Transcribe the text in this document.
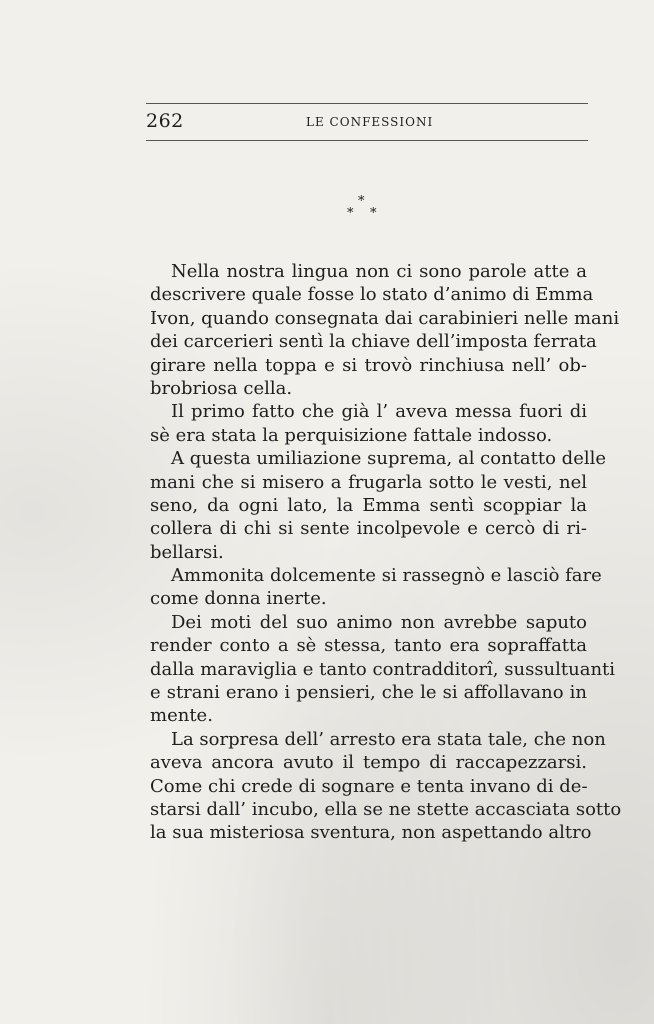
262	LE CONFESSIONI
*
* *
Nella nostra lingua non ci sono parole atte a
descrivere quale fosse lo stato d’animo di Emma
Ivon, quando consegnata dai carabinieri nelle mani
dei carcerieri sentì la chiave dell’imposta ferrata
girare nella toppa e si trovò rinchiusa nell’ ob-
brobriosa cella.
Il primo fatto che già l’ aveva messa fuori di
sè era stata la perquisizione fattale indosso.
A questa umiliazione suprema, al contatto delle
mani che si misero a frugarla sotto le vesti, nel
seno, da ogni lato, la Emma sentì scoppiar la
collera di chi si sente incolpevole e cercò di ri-
bellarsi.
Ammonita dolcemente si rassegnò e lasciò fare
come donna inerte.
Dei moti del suo animo non avrebbe saputo
render conto a sè stessa, tanto era sopraffatta
dalla maraviglia e tanto contradditorî, sussultuanti
e strani erano i pensieri, che le si affollavano in
mente.
La sorpresa dell’ arresto era stata tale, che non
aveva ancora avuto il tempo di raccapezzarsi.
Come chi crede di sognare e tenta invano di de-
starsi dall’ incubo, ella se ne stette accasciata sotto
la sua misteriosa sventura, non aspettando altro
